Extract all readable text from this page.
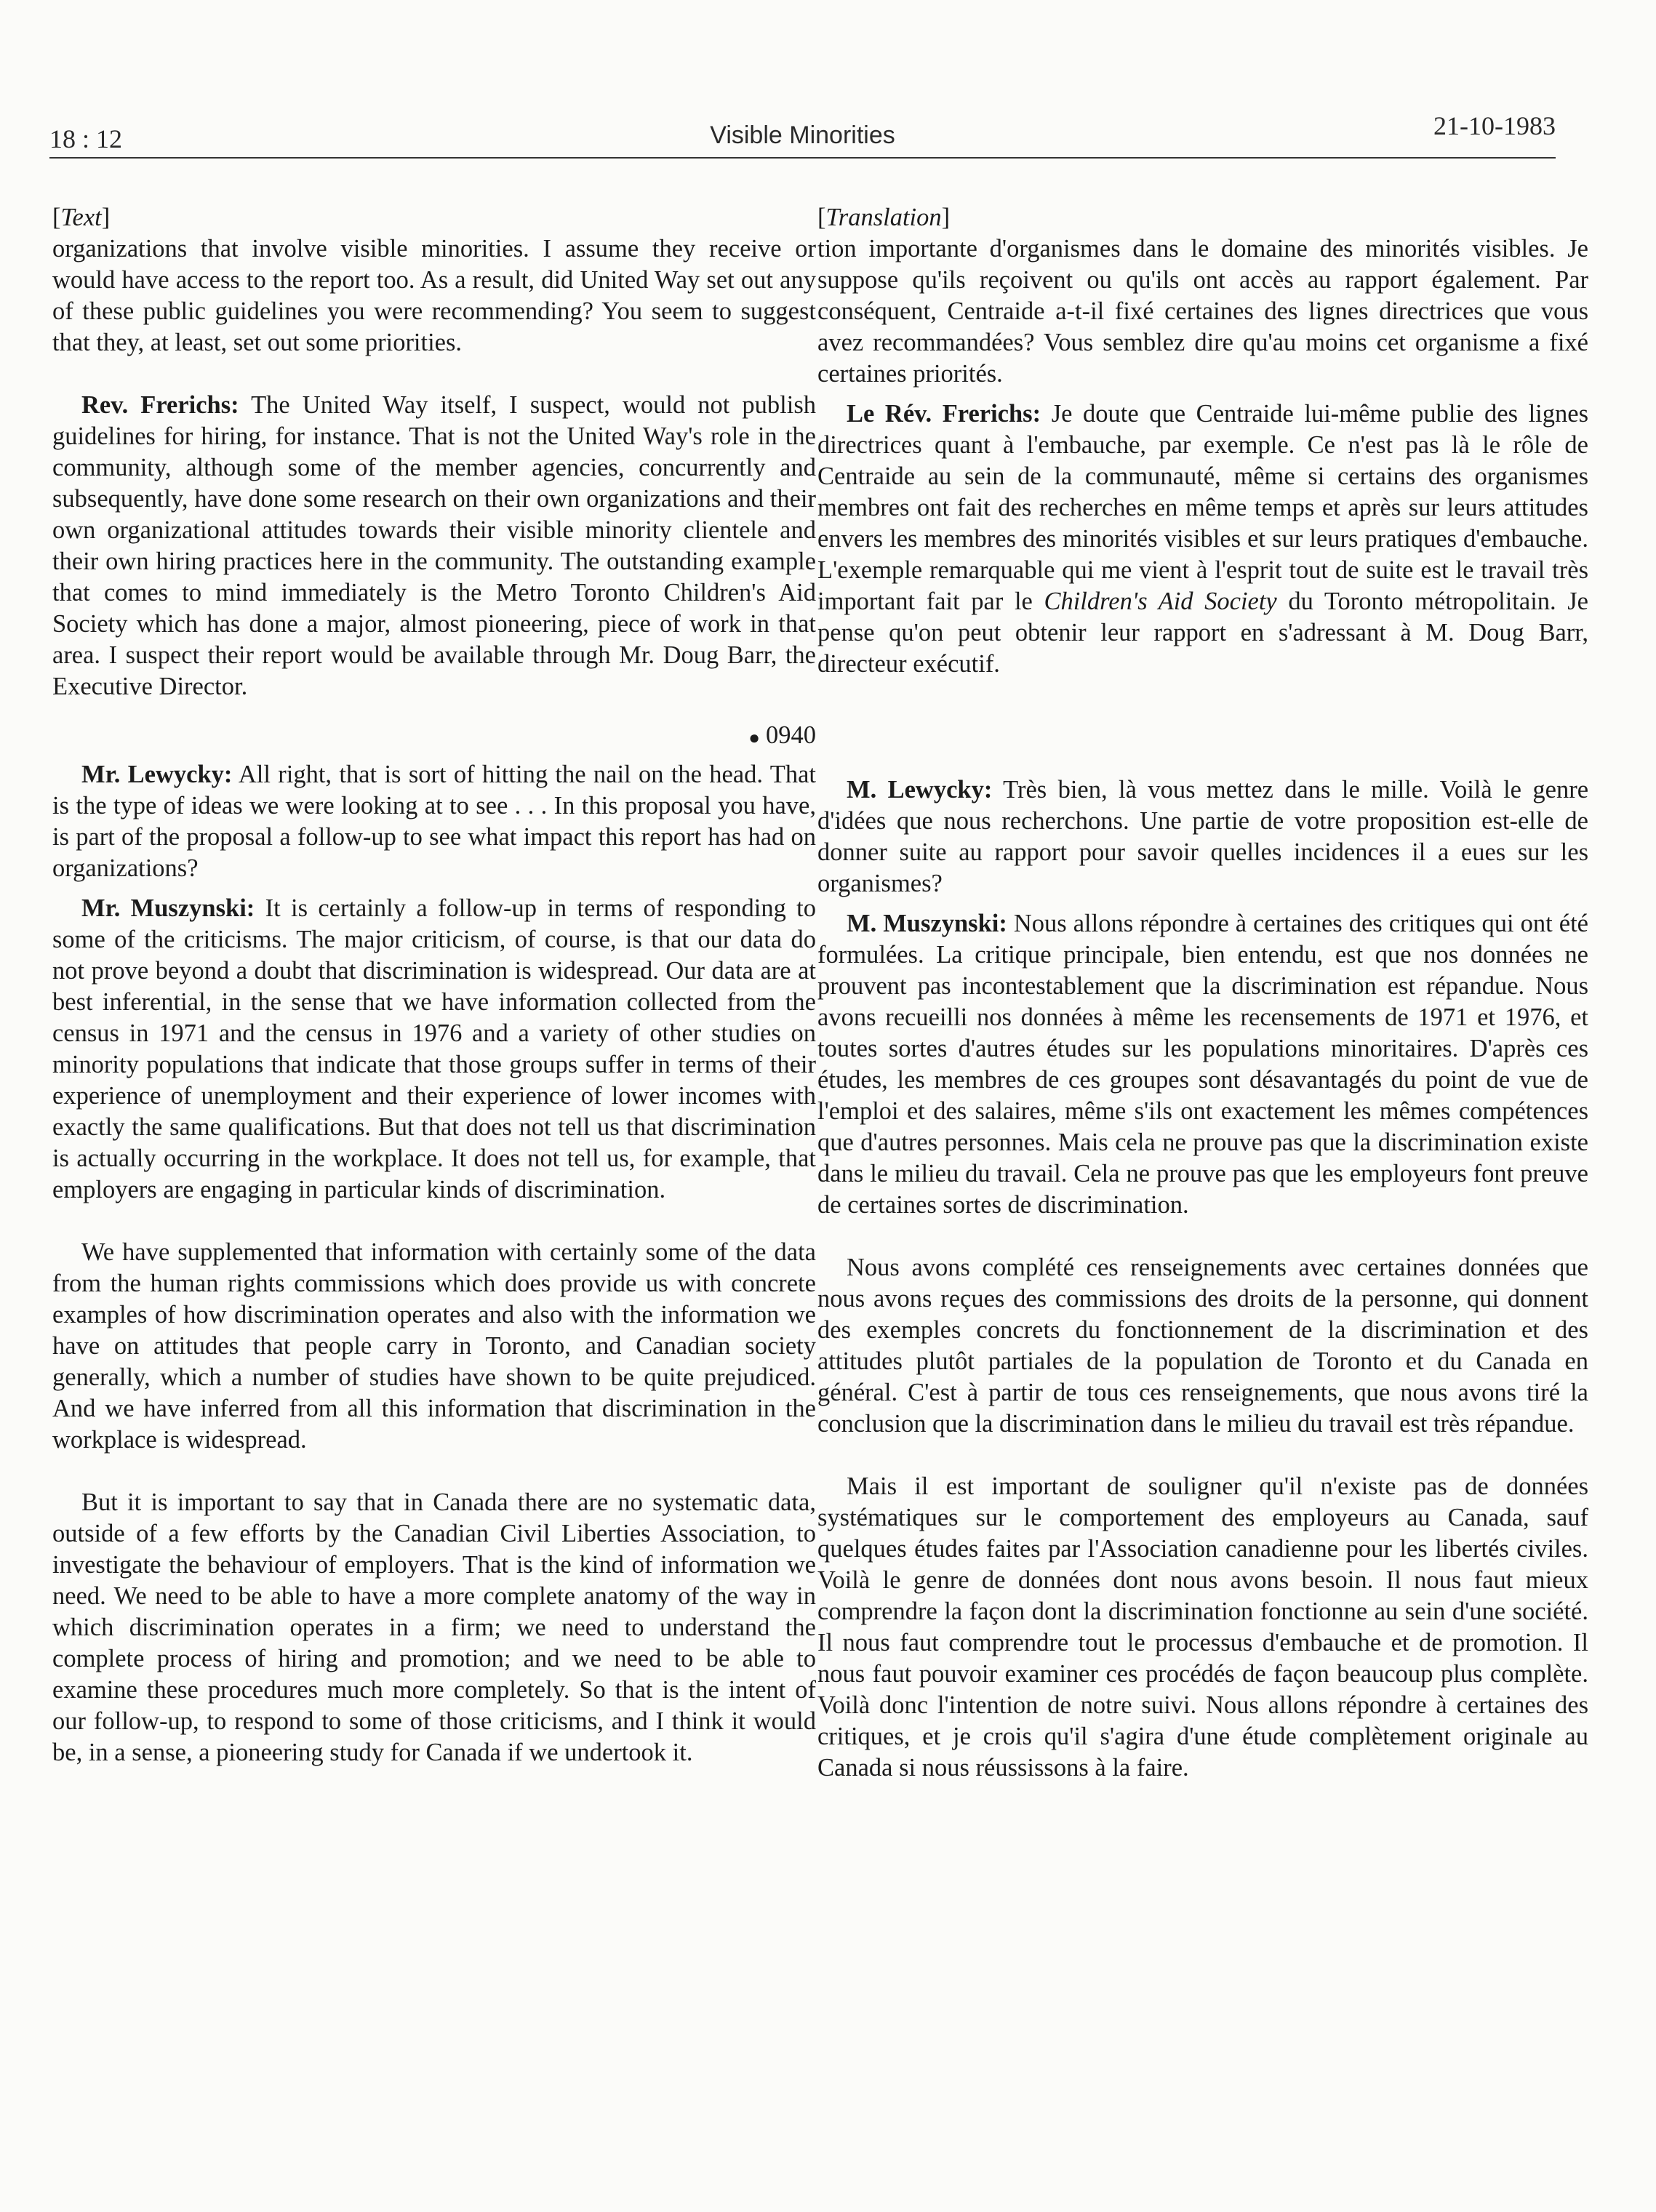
18 : 12	Visible Minorities	21-10-1983
[ Text ]

organizations that involve visible minorities. I assume they receive or would have access to the report too. As a result, did United Way set out any of these public guidelines you were recommending? You seem to suggest that they, at least, set out some priorities.

Rev. Frerichs: The United Way itself, I suspect, would not publish guidelines for hiring, for instance. That is not the United Way's role in the community, although some of the member agencies, concurrently and subsequently, have done some research on their own organizations and their own organizational attitudes towards their visible minority clientele and their own hiring practices here in the community. The outstanding example that comes to mind immediately is the Metro Toronto Children's Aid Society which has done a major, almost pioneering, piece of work in that area. I suspect their report would be available through Mr. Doug Barr, the Executive Director.

● 0940

Mr. Lewycky: All right, that is sort of hitting the nail on the head. That is the type of ideas we were looking at to see . . . In this proposal you have, is part of the proposal a follow-up to see what impact this report has had on organizations?

Mr. Muszynski: It is certainly a follow-up in terms of responding to some of the criticisms. The major criticism, of course, is that our data do not prove beyond a doubt that discrimination is widespread. Our data are at best inferential, in the sense that we have information collected from the census in 1971 and the census in 1976 and a variety of other studies on minority populations that indicate that those groups suffer in terms of their experience of unemployment and their experience of lower incomes with exactly the same qualifications. But that does not tell us that discrimination is actually occurring in the workplace. It does not tell us, for example, that employers are engaging in particular kinds of discrimination.

We have supplemented that information with certainly some of the data from the human rights commissions which does provide us with concrete examples of how discrimination operates and also with the information we have on attitudes that people carry in Toronto, and Canadian society generally, which a number of studies have shown to be quite prejudiced. And we have inferred from all this information that discrimination in the workplace is widespread.

But it is important to say that in Canada there are no systematic data, outside of a few efforts by the Canadian Civil Liberties Association, to investigate the behaviour of employers. That is the kind of information we need. We need to be able to have a more complete anatomy of the way in which discrimination operates in a firm; we need to understand the complete process of hiring and promotion; and we need to be able to examine these procedures much more completely. So that is the intent of our follow-up, to respond to some of those criticisms, and I think it would be, in a sense, a pioneering study for Canada if we undertook it.

[ Translation ]

tion importante d'organismes dans le domaine des minorités visibles. Je suppose qu'ils reçoivent ou qu'ils ont accès au rapport également. Par conséquent, Centraide a-t-il fixé certaines des lignes directrices que vous avez recommandées? Vous semblez dire qu'au moins cet organisme a fixé certaines priorités.

Le Rév. Frerichs: Je doute que Centraide lui-même publie des lignes directrices quant à l'embauche, par exemple. Ce n'est pas là le rôle de Centraide au sein de la communauté, même si certains des organismes membres ont fait des recherches en même temps et après sur leurs attitudes envers les membres des minorités visibles et sur leurs pratiques d'embauche. L'exemple remarquable qui me vient à l'esprit tout de suite est le travail très important fait par le Children's Aid Society du Toronto métropolitain. Je pense qu'on peut obtenir leur rapport en s'adressant à M. Doug Barr, directeur exécutif.

M. Lewycky: Très bien, là vous mettez dans le mille. Voilà le genre d'idées que nous recherchons. Une partie de votre proposition est-elle de donner suite au rapport pour savoir quelles incidences il a eues sur les organismes?

M. Muszynski: Nous allons répondre à certaines des critiques qui ont été formulées. La critique principale, bien entendu, est que nos données ne prouvent pas incontestablement que la discrimination est répandue. Nous avons recueilli nos données à même les recensements de 1971 et 1976, et toutes sortes d'autres études sur les populations minoritaires. D'après ces études, les membres de ces groupes sont désavantagés du point de vue de l'emploi et des salaires, même s'ils ont exactement les mêmes compétences que d'autres personnes. Mais cela ne prouve pas que la discrimination existe dans le milieu du travail. Cela ne prouve pas que les employeurs font preuve de certaines sortes de discrimination.

Nous avons complété ces renseignements avec certaines données que nous avons reçues des commissions des droits de la personne, qui donnent des exemples concrets du fonctionnement de la discrimination et des attitudes plutôt partiales de la population de Toronto et du Canada en général. C'est à partir de tous ces renseignements, que nous avons tiré la conclusion que la discrimination dans le milieu du travail est très répandue.

Mais il est important de souligner qu'il n'existe pas de données systématiques sur le comportement des employeurs au Canada, sauf quelques études faites par l'Association canadienne pour les libertés civiles. Voilà le genre de données dont nous avons besoin. Il nous faut mieux comprendre la façon dont la discrimination fonctionne au sein d'une société. Il nous faut comprendre tout le processus d'embauche et de promotion. Il nous faut pouvoir examiner ces procédés de façon beaucoup plus complète. Voilà donc l'intention de notre suivi. Nous allons répondre à certaines des critiques, et je crois qu'il s'agira d'une étude complètement originale au Canada si nous réussissons à la faire.
